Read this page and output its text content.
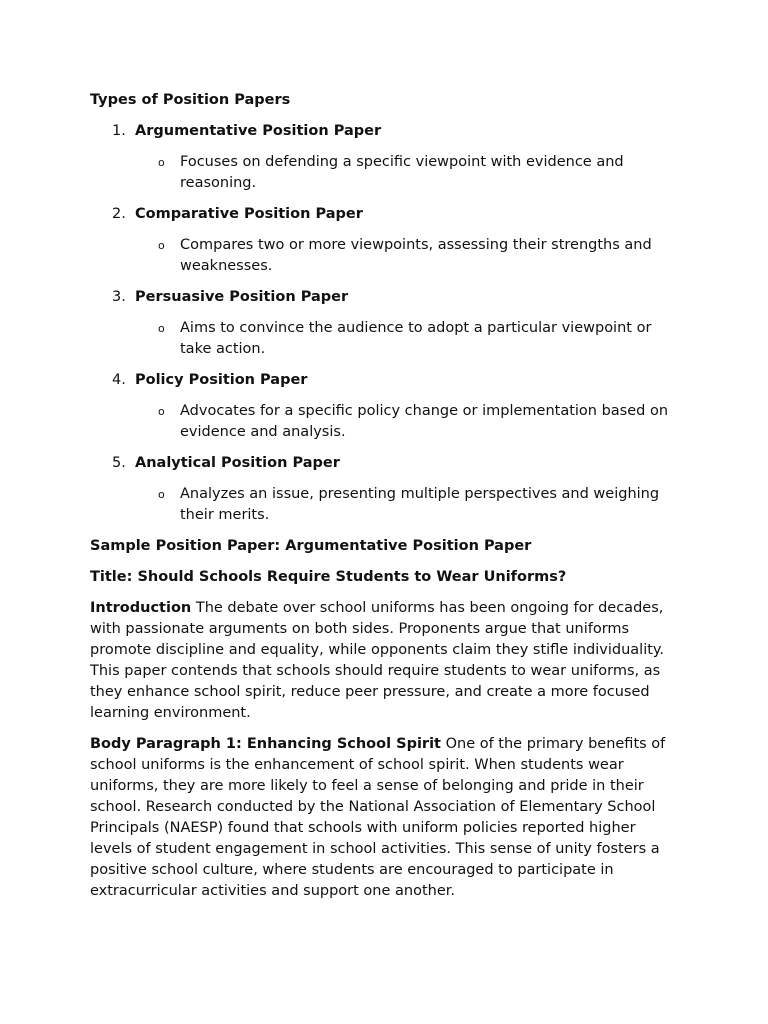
Types of Position Papers
1. Argumentative Position Paper
o Focuses on defending a specific viewpoint with evidence and reasoning.
2. Comparative Position Paper
o Compares two or more viewpoints, assessing their strengths and weaknesses.
3. Persuasive Position Paper
o Aims to convince the audience to adopt a particular viewpoint or take action.
4. Policy Position Paper
o Advocates for a specific policy change or implementation based on evidence and analysis.
5. Analytical Position Paper
o Analyzes an issue, presenting multiple perspectives and weighing their merits.
Sample Position Paper: Argumentative Position Paper
Title: Should Schools Require Students to Wear Uniforms?

Introduction The debate over school uniforms has been ongoing for decades, with passionate arguments on both sides. Proponents argue that uniforms promote discipline and equality, while opponents claim they stifle individuality. This paper contends that schools should require students to wear uniforms, as they enhance school spirit, reduce peer pressure, and create a more focused learning environment.

Body Paragraph 1: Enhancing School Spirit One of the primary benefits of school uniforms is the enhancement of school spirit. When students wear uniforms, they are more likely to feel a sense of belonging and pride in their school. Research conducted by the National Association of Elementary School Principals (NAESP) found that schools with uniform policies reported higher levels of student engagement in school activities. This sense of unity fosters a positive school culture, where students are encouraged to participate in extracurricular activities and support one another.
